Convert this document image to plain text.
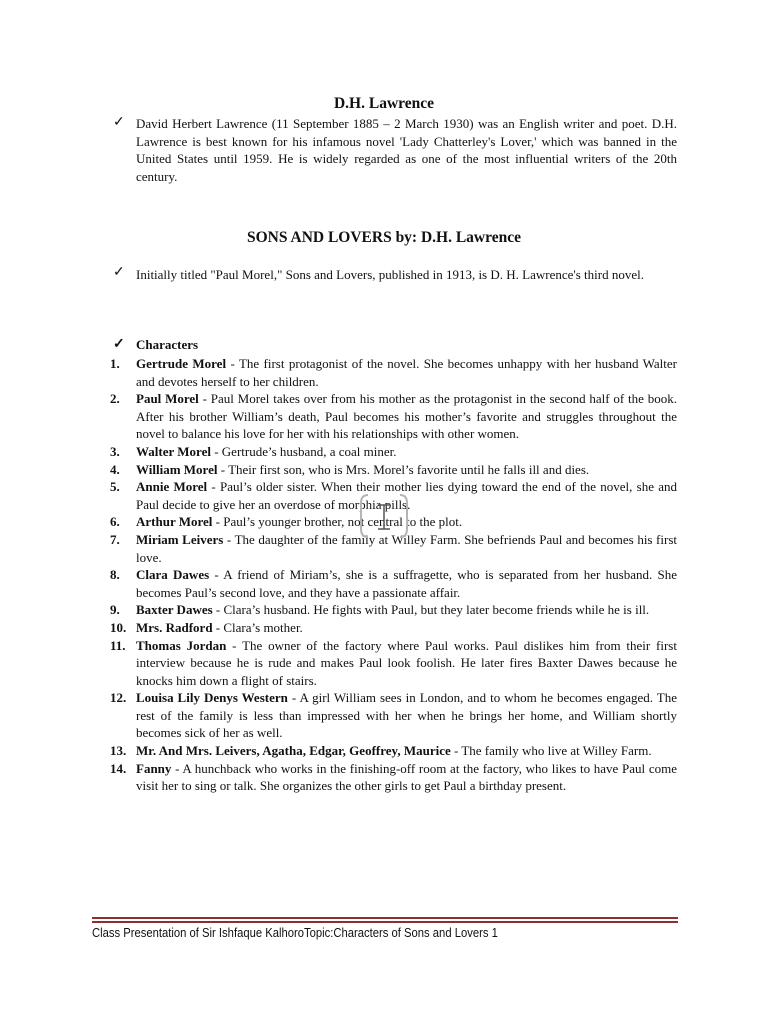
D.H. Lawrence
✓ David Herbert Lawrence (11 September 1885 – 2 March 1930) was an English writer and poet. D.H. Lawrence is best known for his infamous novel 'Lady Chatterley's Lover,' which was banned in the United States until 1959. He is widely regarded as one of the most influential writers of the 20th century.

SONS AND LOVERS by: D.H. Lawrence
✓ Initially titled "Paul Morel," Sons and Lovers, published in 1913, is D. H. Lawrence's third novel.

✓ Characters

1. Gertrude Morel - The first protagonist of the novel. She becomes unhappy with her husband Walter and devotes herself to her children.
2. Paul Morel - Paul Morel takes over from his mother as the protagonist in the second half of the book. After his brother William’s death, Paul becomes his mother’s favorite and struggles throughout the novel to balance his love for her with his relationships with other women.
3. Walter Morel - Gertrude’s husband, a coal miner.
4. William Morel - Their first son, who is Mrs. Morel’s favorite until he falls ill and dies.
5. Annie Morel - Paul’s older sister. When their mother lies dying toward the end of the novel, she and Paul decide to give her an overdose of morphia pills.
6. Arthur Morel - Paul’s younger brother, not central to the plot.
7. Miriam Leivers - The daughter of the family at Willey Farm. She befriends Paul and becomes his first love.
8. Clara Dawes - A friend of Miriam’s, she is a suffragette, who is separated from her husband. She becomes Paul’s second love, and they have a passionate affair.
9. Baxter Dawes - Clara’s husband. He fights with Paul, but they later become friends while he is ill.
10. Mrs. Radford - Clara’s mother.
11. Thomas Jordan - The owner of the factory where Paul works. Paul dislikes him from their first interview because he is rude and makes Paul look foolish. He later fires Baxter Dawes because he knocks him down a flight of stairs.
12. Louisa Lily Denys Western - A girl William sees in London, and to whom he becomes engaged. The rest of the family is less than impressed with her when he brings her home, and William shortly becomes sick of her as well.
13. Mr. And Mrs. Leivers, Agatha, Edgar, Geoffrey, Maurice - The family who live at Willey Farm.
14. Fanny - A hunchback who works in the finishing-off room at the factory, who likes to have Paul come visit her to sing or talk. She organizes the other girls to get Paul a birthday present.

Class Presentation of Sir Ishfaque KalhoroTopic:Characters of Sons and Lovers 1
